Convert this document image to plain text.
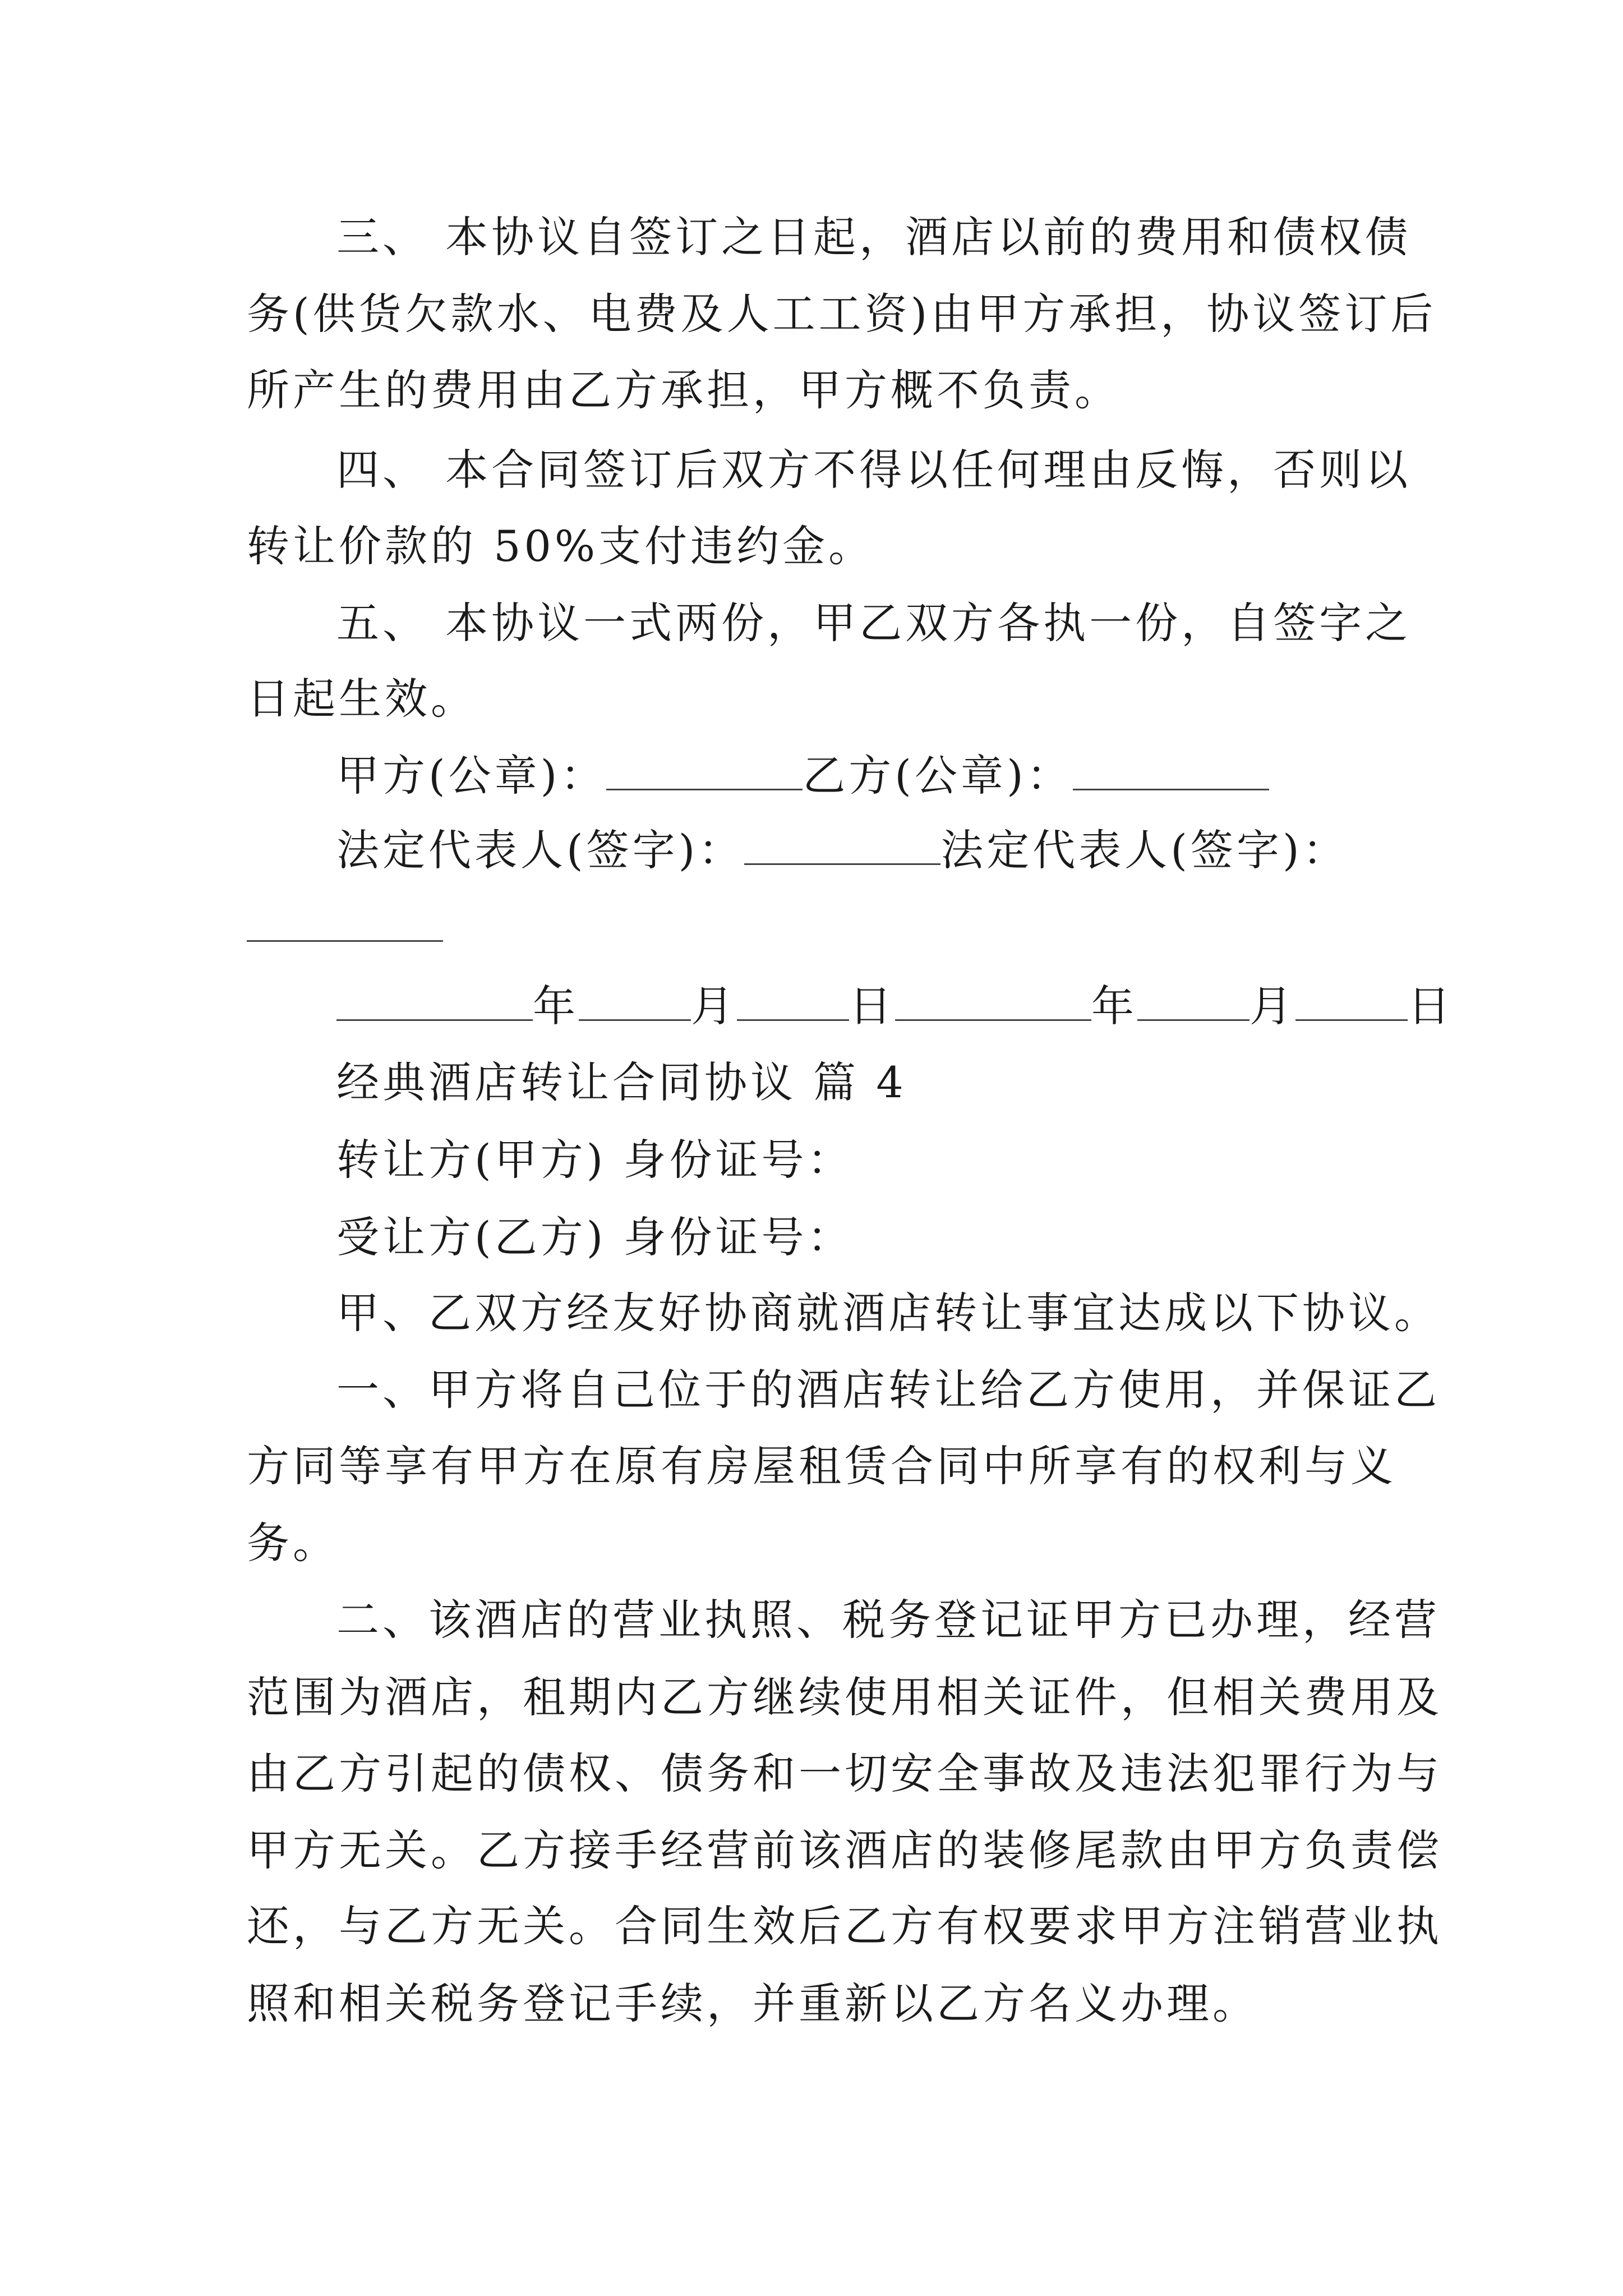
三、 本协议自签订之日起，酒店以前的费用和债权债
务(供货欠款水、电费及人工工资)由甲方承担，协议签订后
所产生的费用由乙方承担，甲方概不负责。
四、 本合同签订后双方不得以任何理由反悔，否则以
转让价款的 50%支付违约金。
五、 本协议一式两份，甲乙双方各执一份，自签字之
日起生效。
甲方(公章)：	乙方(公章)：
法定代表人(签字)：	法定代表人(签字)：
年	月	日	年	月	日
经典酒店转让合同协议 篇 4
转让方(甲方) 身份证号：
受让方(乙方) 身份证号：
甲、乙双方经友好协商就酒店转让事宜达成以下协议。
一、甲方将自己位于的酒店转让给乙方使用，并保证乙
方同等享有甲方在原有房屋租赁合同中所享有的权利与义
务。
二、该酒店的营业执照、税务登记证甲方已办理，经营
范围为酒店，租期内乙方继续使用相关证件，但相关费用及
由乙方引起的债权、债务和一切安全事故及违法犯罪行为与
甲方无关。乙方接手经营前该酒店的装修尾款由甲方负责偿
还，与乙方无关。合同生效后乙方有权要求甲方注销营业执
照和相关税务登记手续，并重新以乙方名义办理。
